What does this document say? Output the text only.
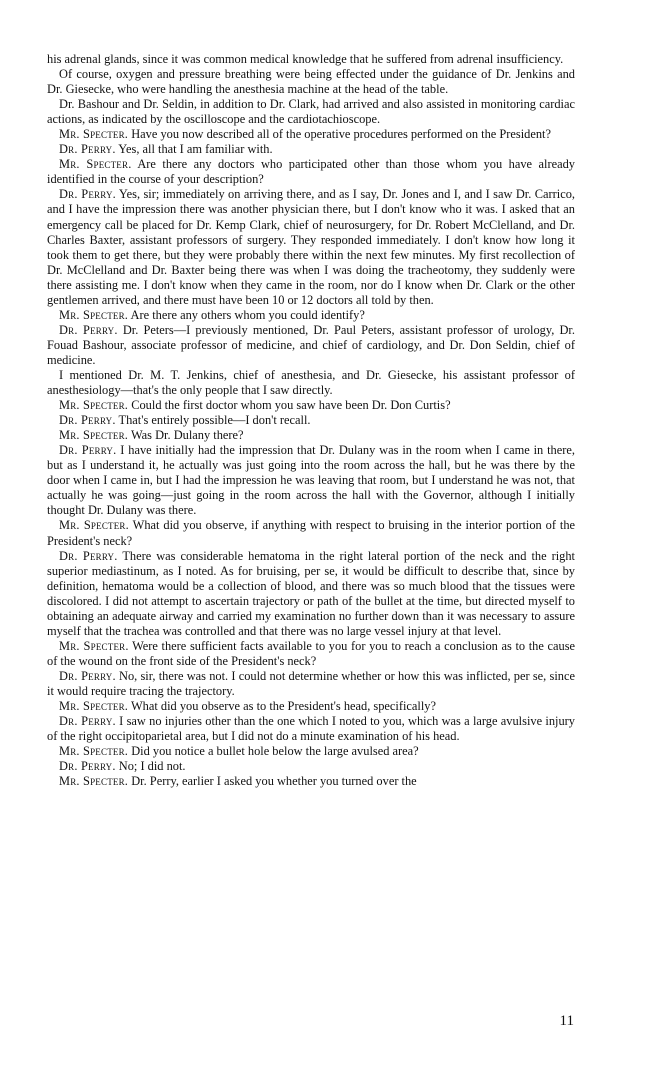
his adrenal glands, since it was common medical knowledge that he suffered from adrenal insufficiency.

Of course, oxygen and pressure breathing were being effected under the guidance of Dr. Jenkins and Dr. Giesecke, who were handling the anesthesia machine at the head of the table.

Dr. Bashour and Dr. Seldin, in addition to Dr. Clark, had arrived and also assisted in monitoring cardiac actions, as indicated by the oscilloscope and the cardiotachioscope.

Mr. Specter. Have you now described all of the operative procedures performed on the President?

Dr. Perry. Yes, all that I am familiar with.

Mr. Specter. Are there any doctors who participated other than those whom you have already identified in the course of your description?

Dr. Perry. Yes, sir; immediately on arriving there, and as I say, Dr. Jones and I, and I saw Dr. Carrico, and I have the impression there was another physician there, but I don't know who it was. I asked that an emergency call be placed for Dr. Kemp Clark, chief of neurosurgery, for Dr. Robert McClelland, and Dr. Charles Baxter, assistant professors of surgery. They responded immediately. I don't know how long it took them to get there, but they were probably there within the next few minutes. My first recollection of Dr. McClelland and Dr. Baxter being there was when I was doing the tracheotomy, they suddenly were there assisting me. I don't know when they came in the room, nor do I know when Dr. Clark or the other gentlemen arrived, and there must have been 10 or 12 doctors all told by then.

Mr. Specter. Are there any others whom you could identify?

Dr. Perry. Dr. Peters—I previously mentioned, Dr. Paul Peters, assistant professor of urology, Dr. Fouad Bashour, associate professor of medicine, and chief of cardiology, and Dr. Don Seldin, chief of medicine.

I mentioned Dr. M. T. Jenkins, chief of anesthesia, and Dr. Giesecke, his assistant professor of anesthesiology—that's the only people that I saw directly.

Mr. Specter. Could the first doctor whom you saw have been Dr. Don Curtis?

Dr. Perry. That's entirely possible—I don't recall.

Mr. Specter. Was Dr. Dulany there?

Dr. Perry. I have initially had the impression that Dr. Dulany was in the room when I came in there, but as I understand it, he actually was just going into the room across the hall, but he was there by the door when I came in, but I had the impression he was leaving that room, but I understand he was not, that actually he was going—just going in the room across the hall with the Governor, although I initially thought Dr. Dulany was there.

Mr. Specter. What did you observe, if anything with respect to bruising in the interior portion of the President's neck?

Dr. Perry. There was considerable hematoma in the right lateral portion of the neck and the right superior mediastinum, as I noted. As for bruising, per se, it would be difficult to describe that, since by definition, hematoma would be a collection of blood, and there was so much blood that the tissues were discolored. I did not attempt to ascertain trajectory or path of the bullet at the time, but directed myself to obtaining an adequate airway and carried my examination no further down than it was necessary to assure myself that the trachea was controlled and that there was no large vessel injury at that level.

Mr. Specter. Were there sufficient facts available to you for you to reach a conclusion as to the cause of the wound on the front side of the President's neck?

Dr. Perry. No, sir, there was not. I could not determine whether or how this was inflicted, per se, since it would require tracing the trajectory.

Mr. Specter. What did you observe as to the President's head, specifically?

Dr. Perry. I saw no injuries other than the one which I noted to you, which was a large avulsive injury of the right occipitoparietal area, but I did not do a minute examination of his head.

Mr. Specter. Did you notice a bullet hole below the large avulsed area?

Dr. Perry. No; I did not.

Mr. Specter. Dr. Perry, earlier I asked you whether you turned over the

11
